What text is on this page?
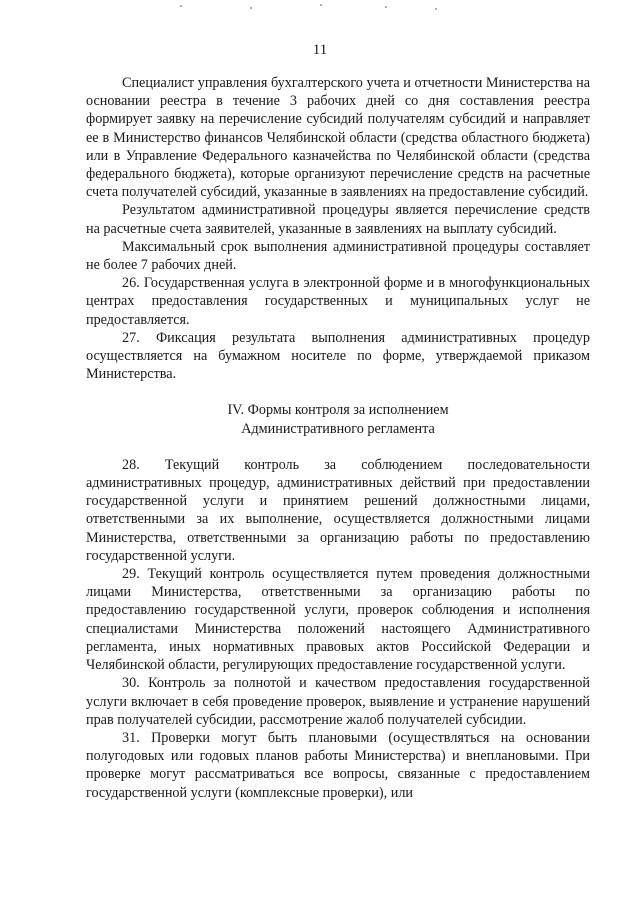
11

Специалист управления бухгалтерского учета и отчетности Министерства на основании реестра в течение 3 рабочих дней со дня составления реестра формирует заявку на перечисление субсидий получателям субсидий и направляет ее в Министерство финансов Челябинской области (средства областного бюджета) или в Управление Федерального казначейства по Челябинской области (средства федерального бюджета), которые организуют перечисление средств на расчетные счета получателей субсидий, указанные в заявлениях на предоставление субсидий.

Результатом административной процедуры является перечисление средств на расчетные счета заявителей, указанные в заявлениях на выплату субсидий.

Максимальный срок выполнения административной процедуры составляет не более 7 рабочих дней.

26. Государственная услуга в электронной форме и в многофункциональных центрах предоставления государственных и муниципальных услуг не предоставляется.

27. Фиксация результата выполнения административных процедур осуществляется на бумажном носителе по форме, утверждаемой приказом Министерства.

IV. Формы контроля за исполнением
Административного регламента

28. Текущий контроль за соблюдением последовательности административных процедур, административных действий при предоставлении государственной услуги и принятием решений должностными лицами, ответственными за их выполнение, осуществляется должностными лицами Министерства, ответственными за организацию работы по предоставлению государственной услуги.

29. Текущий контроль осуществляется путем проведения должностными лицами Министерства, ответственными за организацию работы по предоставлению государственной услуги, проверок соблюдения и исполнения специалистами Министерства положений настоящего Административного регламента, иных нормативных правовых актов Российской Федерации и Челябинской области, регулирующих предоставление государственной услуги.

30. Контроль за полнотой и качеством предоставления государственной услуги включает в себя проведение проверок, выявление и устранение нарушений прав получателей субсидии, рассмотрение жалоб получателей субсидии.

31. Проверки могут быть плановыми (осуществляться на основании полугодовых или годовых планов работы Министерства) и внеплановыми. При проверке могут рассматриваться все вопросы, связанные с предоставлением государственной услуги (комплексные проверки), или
